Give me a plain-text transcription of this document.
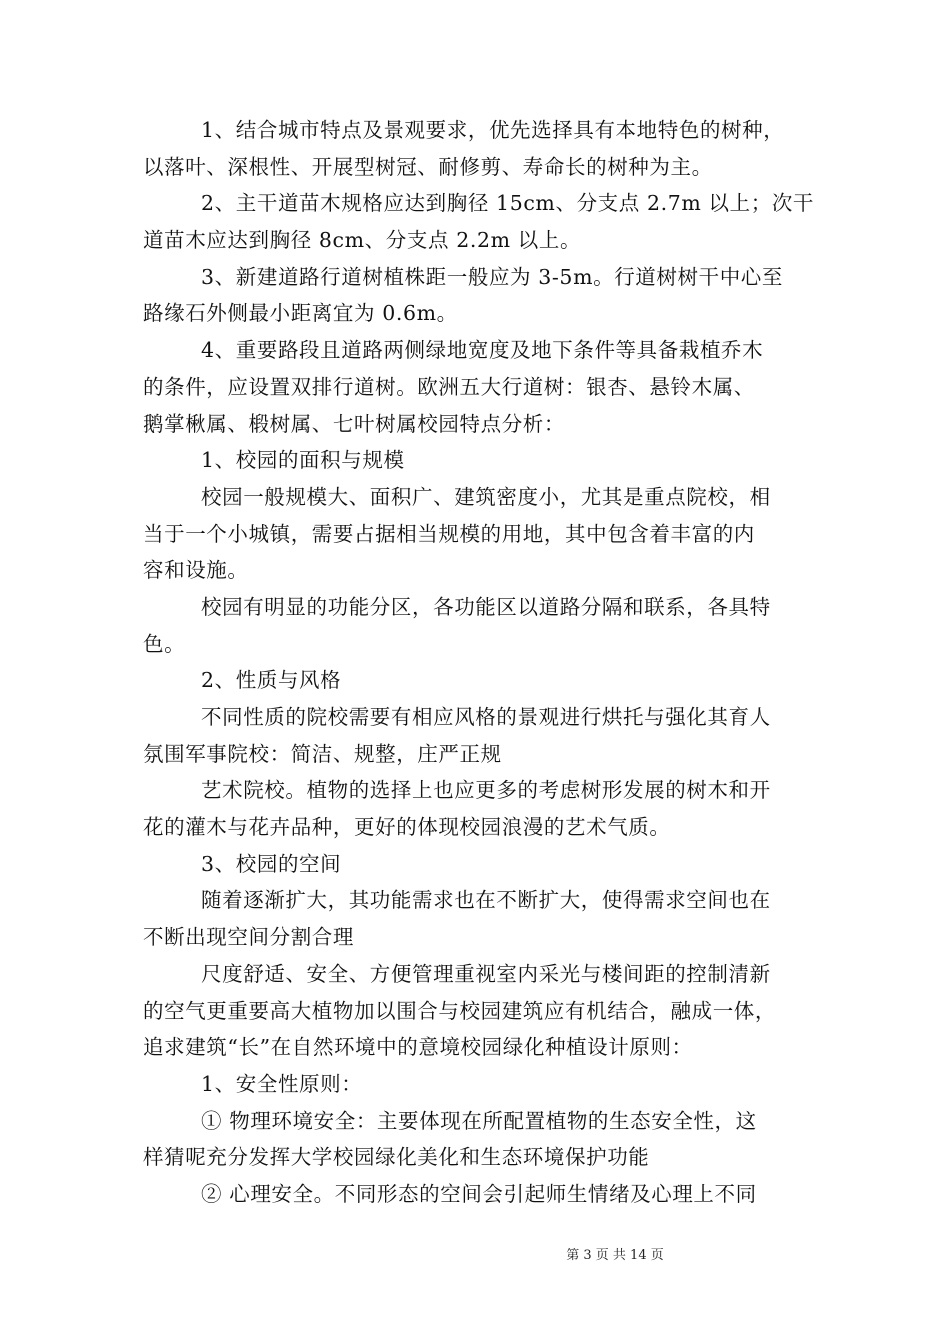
1、结合城市特点及景观要求，优先选择具有本地特色的树种，
以落叶、深根性、开展型树冠、耐修剪、寿命长的树种为主。
2、主干道苗木规格应达到胸径 15cm、分支点 2.7m 以上；次干
道苗木应达到胸径 8cm、分支点 2.2m 以上。
3、新建道路行道树植株距一般应为 3-5m。行道树树干中心至
路缘石外侧最小距离宜为 0.6m。
4、重要路段且道路两侧绿地宽度及地下条件等具备栽植乔木
的条件，应设置双排行道树。欧洲五大行道树：银杏、悬铃木属、
鹅掌楸属、椴树属、七叶树属校园特点分析：
1、校园的面积与规模
校园一般规模大、面积广、建筑密度小，尤其是重点院校，相
当于一个小城镇，需要占据相当规模的用地，其中包含着丰富的内
容和设施。
校园有明显的功能分区，各功能区以道路分隔和联系，各具特
色。
2、性质与风格
不同性质的院校需要有相应风格的景观进行烘托与强化其育人
氛围军事院校：简洁、规整，庄严正规
艺术院校。植物的选择上也应更多的考虑树形发展的树木和开
花的灌木与花卉品种，更好的体现校园浪漫的艺术气质。
3、校园的空间
随着逐渐扩大，其功能需求也在不断扩大，使得需求空间也在
不断出现空间分割合理
尺度舒适、安全、方便管理重视室内采光与楼间距的控制清新
的空气更重要高大植物加以围合与校园建筑应有机结合，融成一体，
追求建筑“长”在自然环境中的意境校园绿化种植设计原则：
1、安全性原则：
① 物理环境安全：主要体现在所配置植物的生态安全性，这
样猜呢充分发挥大学校园绿化美化和生态环境保护功能
② 心理安全。不同形态的空间会引起师生情绪及心理上不同
第 3 页 共 14 页
